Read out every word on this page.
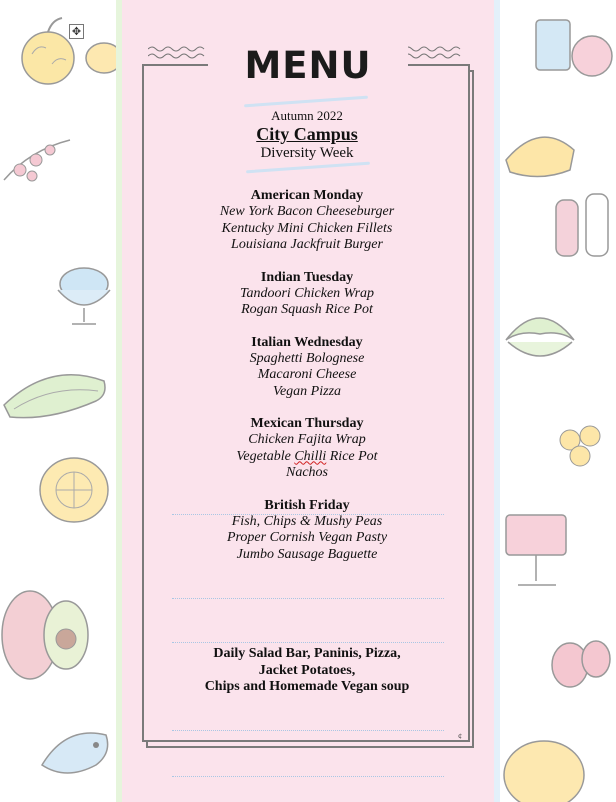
✥
MENU
Autumn 2022
City Campus
Diversity Week
American Monday
New York Bacon Cheeseburger
Kentucky Mini Chicken Fillets
Louisiana Jackfruit Burger
Indian Tuesday
Tandoori Chicken Wrap
Rogan Squash Rice Pot
Italian Wednesday
Spaghetti Bolognese
Macaroni Cheese
Vegan Pizza
Mexican Thursday
Chicken Fajita Wrap
Vegetable Chilli Rice Pot
Nachos
British Friday
Fish, Chips & Mushy Peas
Proper Cornish Vegan Pasty
Jumbo Sausage Baguette
Daily Salad Bar, Paninis, Pizza,
Jacket Potatoes,
Chips and Homemade Vegan soup
¢
